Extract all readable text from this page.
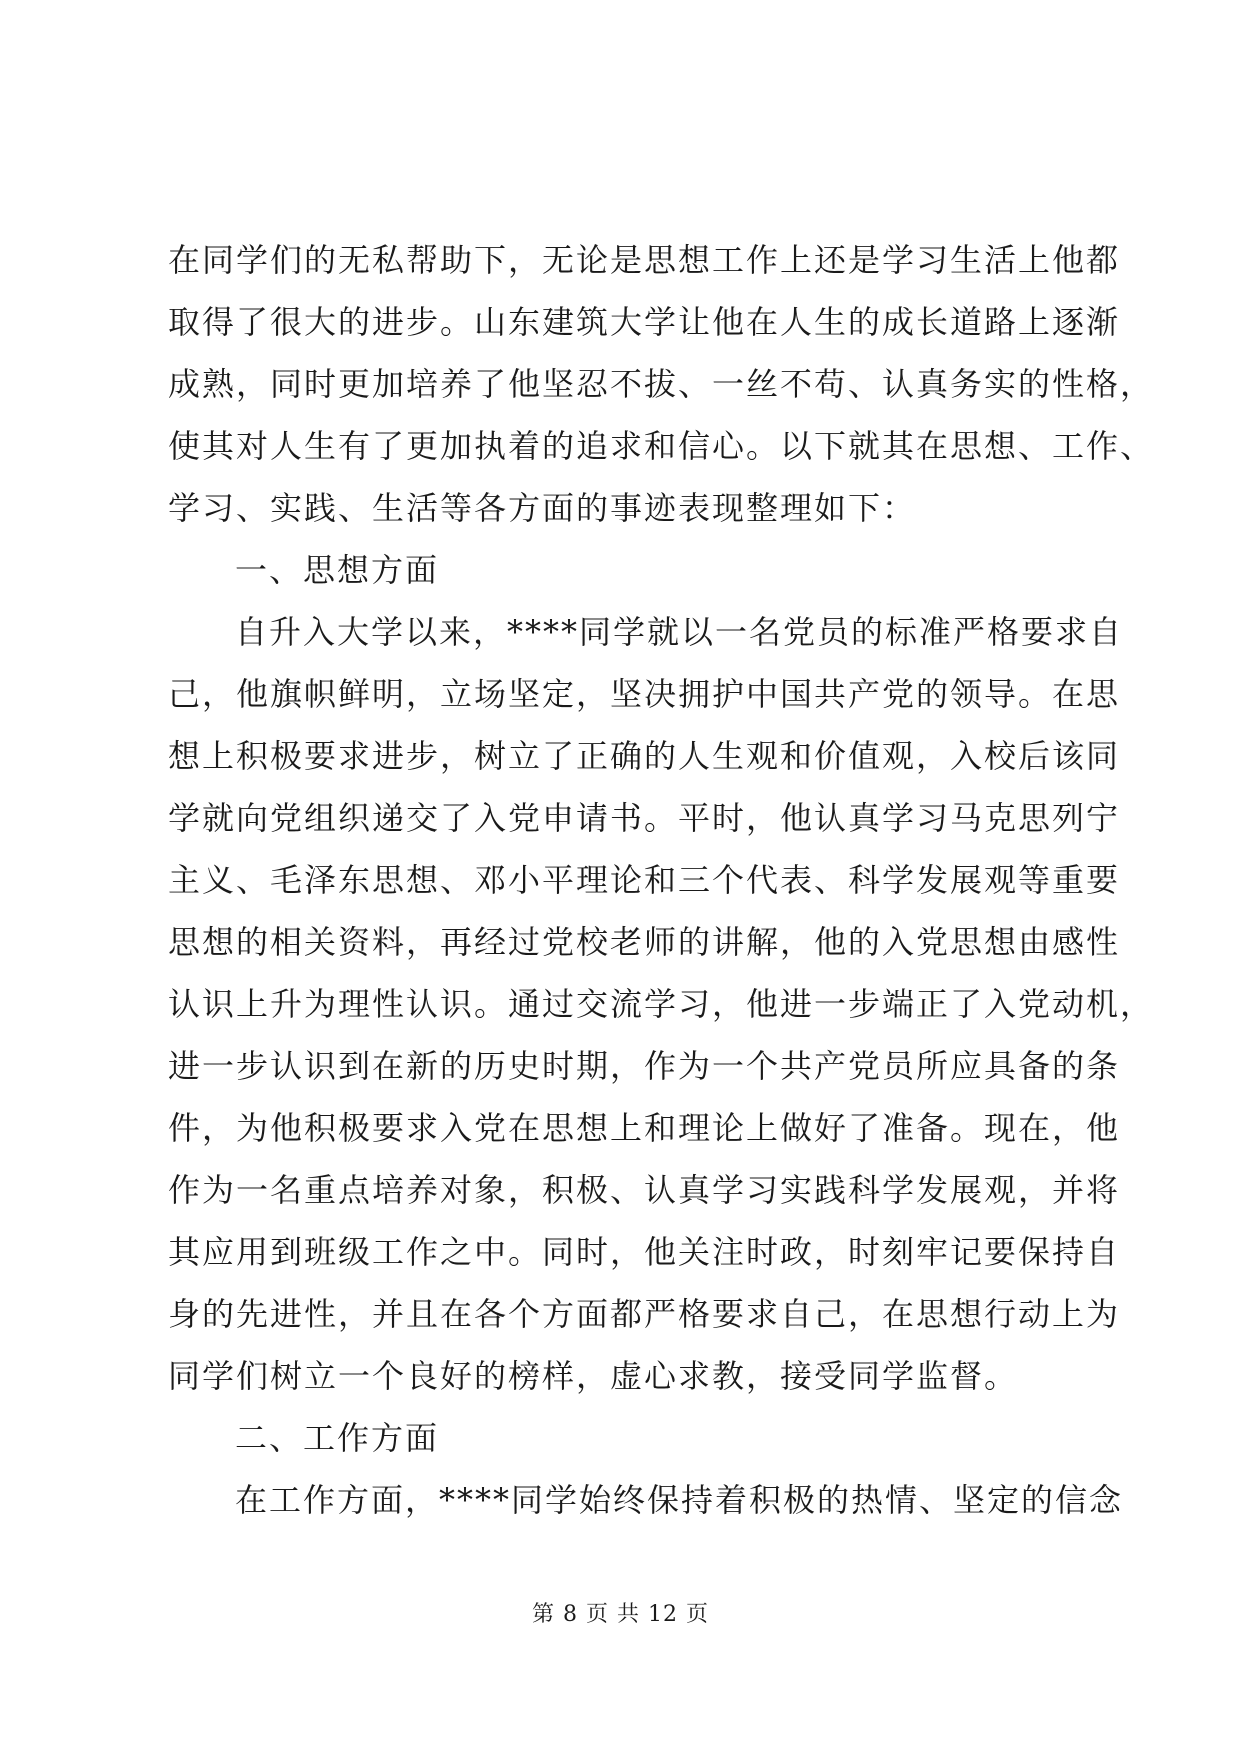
在同学们的无私帮助下，无论是思想工作上还是学习生活上他都
取得了很大的进步。山东建筑大学让他在人生的成长道路上逐渐
成熟，同时更加培养了他坚忍不拔、一丝不苟、认真务实的性格，
使其对人生有了更加执着的追求和信心。以下就其在思想、工作、
学习、实践、生活等各方面的事迹表现整理如下：
一、思想方面
自升入大学以来，****同学就以一名党员的标准严格要求自
己，他旗帜鲜明，立场坚定，坚决拥护中国共产党的领导。在思
想上积极要求进步，树立了正确的人生观和价值观，入校后该同
学就向党组织递交了入党申请书。平时，他认真学习马克思列宁
主义、毛泽东思想、邓小平理论和三个代表、科学发展观等重要
思想的相关资料，再经过党校老师的讲解，他的入党思想由感性
认识上升为理性认识。通过交流学习，他进一步端正了入党动机，
进一步认识到在新的历史时期，作为一个共产党员所应具备的条
件，为他积极要求入党在思想上和理论上做好了准备。现在，他
作为一名重点培养对象，积极、认真学习实践科学发展观，并将
其应用到班级工作之中。同时，他关注时政，时刻牢记要保持自
身的先进性，并且在各个方面都严格要求自己，在思想行动上为
同学们树立一个良好的榜样，虚心求教，接受同学监督。
二、工作方面
在工作方面，****同学始终保持着积极的热情、坚定的信念
第 8 页 共 12 页
